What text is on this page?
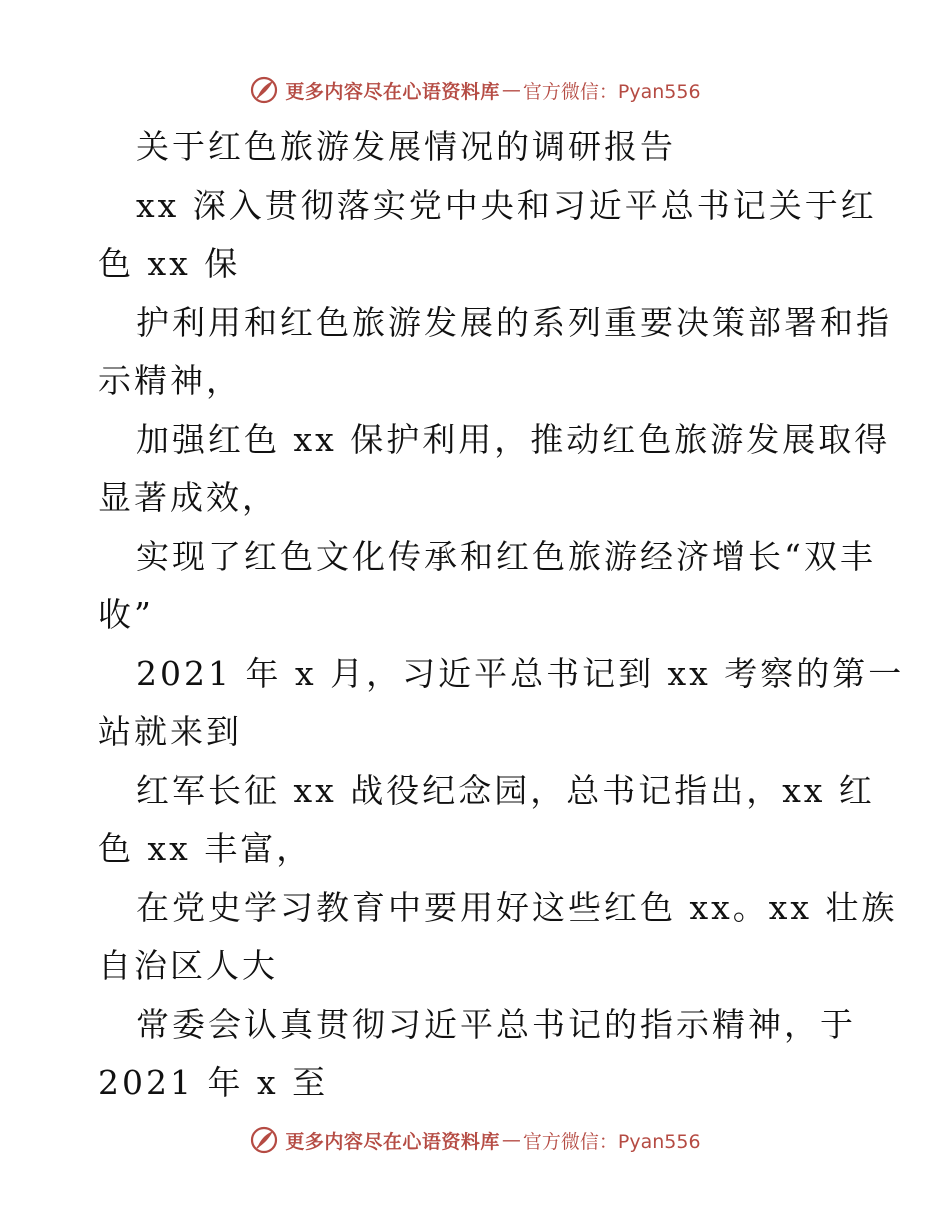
更多内容尽在心语资料库 — 官方微信：Pyan556
关于红色旅游发展情况的调研报告
xx 深入贯彻落实党中央和习近平总书记关于红
色 xx 保
护利用和红色旅游发展的系列重要决策部署和指
示精神，
加强红色 xx 保护利用，推动红色旅游发展取得
显著成效，
实现了红色文化传承和红色旅游经济增长“双丰
收”
2021 年 x 月，习近平总书记到 xx 考察的第一
站就来到
红军长征 xx 战役纪念园，总书记指出，xx 红
色 xx 丰富，
在党史学习教育中要用好这些红色 xx。xx 壮族
自治区人大
常委会认真贯彻习近平总书记的指示精神，于
2021 年 x 至
更多内容尽在心语资料库 — 官方微信：Pyan556
